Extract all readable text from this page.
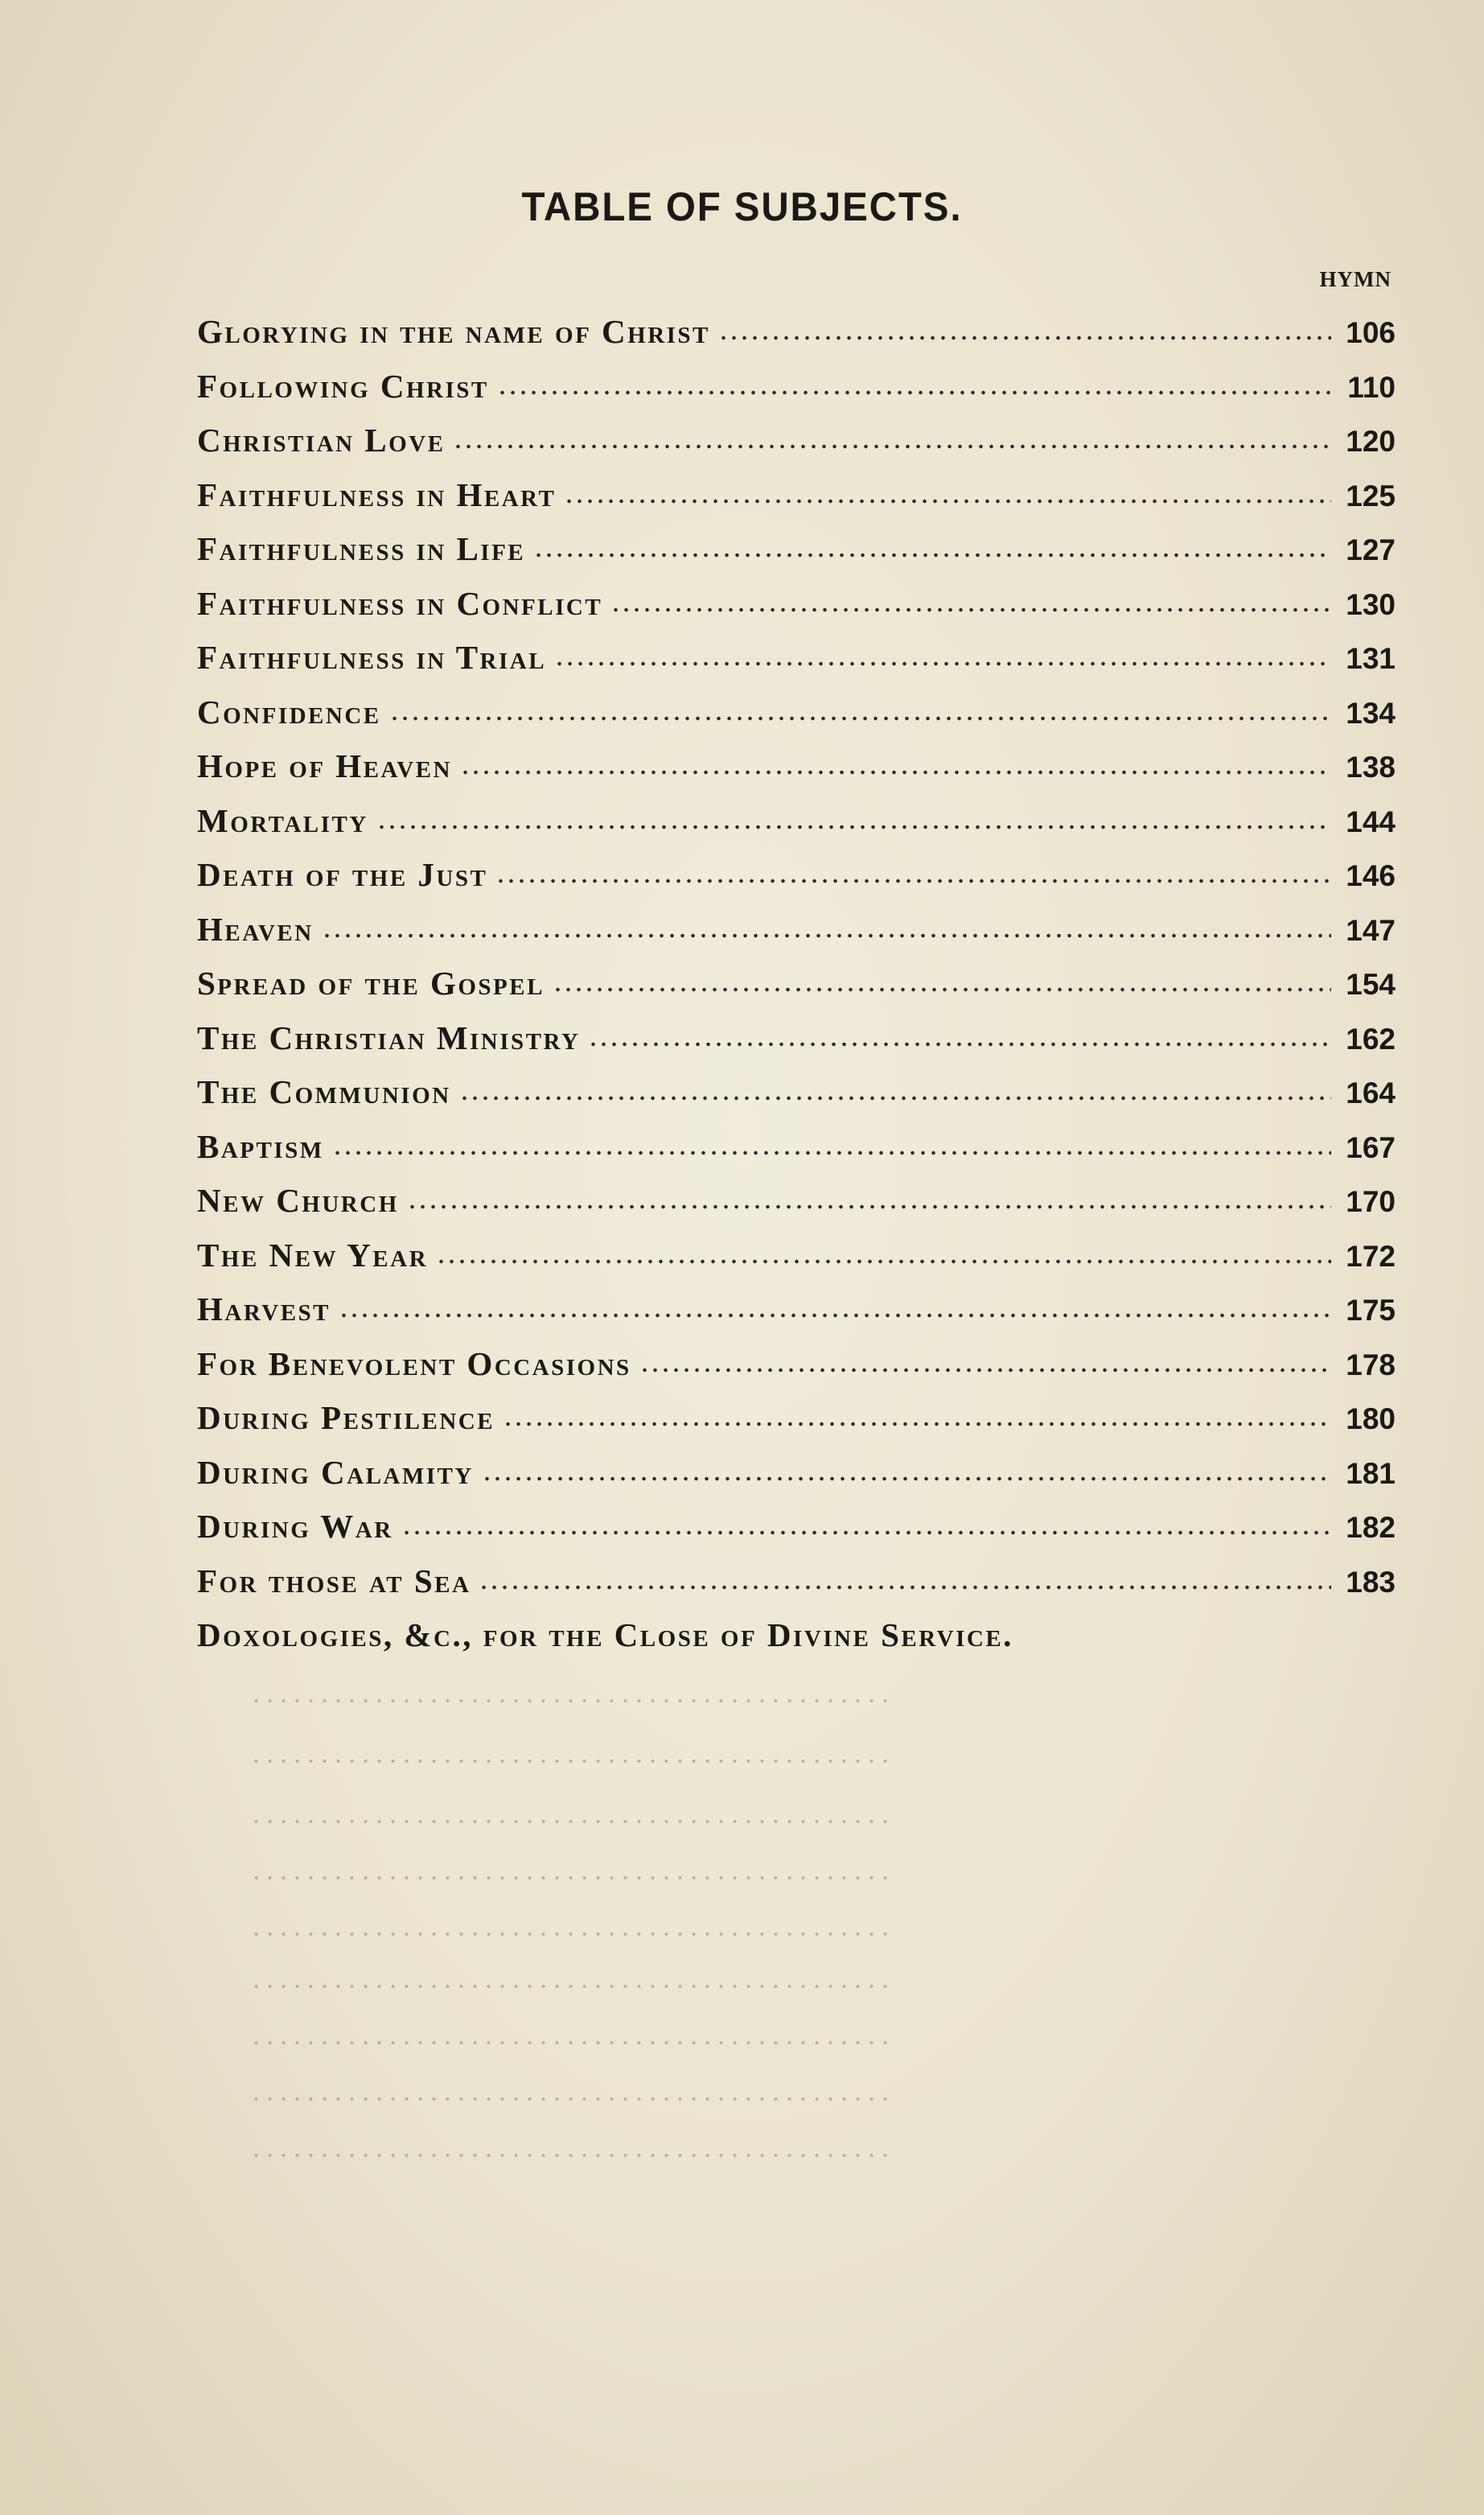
TABLE OF SUBJECTS.
HYMN
Glorying in the name of Christ	106
Following Christ	110
Christian Love	120
Faithfulness in Heart	125
Faithfulness in Life	127
Faithfulness in Conflict	130
Faithfulness in Trial	131
Confidence	134
Hope of Heaven	138
Mortality	144
Death of the Just	146
Heaven	147
Spread of the Gospel	154
The Christian Ministry	162
The Communion	164
Baptism	167
New Church	170
The New Year	172
Harvest	175
For Benevolent Occasions	178
During Pestilence	180
During Calamity	181
During War	182
For those at Sea	183
Doxologies, &c., for the Close of Divine Service.
